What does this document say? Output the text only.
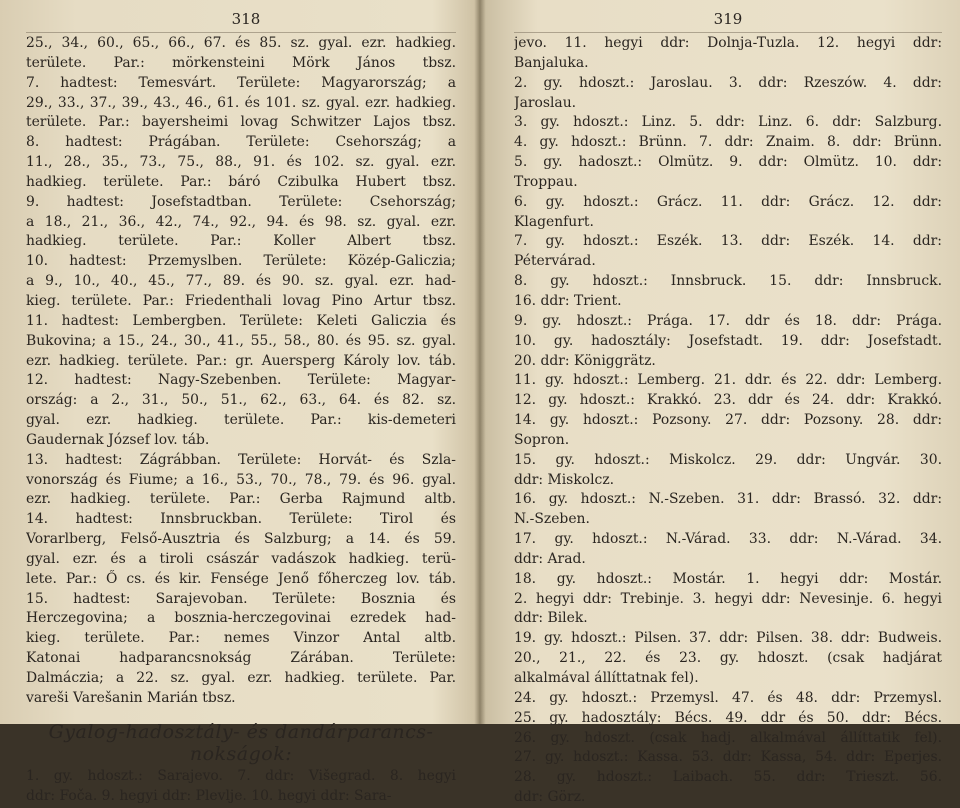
318
25., 34., 60., 65., 66., 67. és 85. sz. gyal. ezr. hadkieg.
területe. Par.: mörkensteini Mörk János tbsz.
7. hadtest: Temesvárt. Területe: Magyarország; a
29., 33., 37., 39., 43., 46., 61. és 101. sz. gyal. ezr. hadkieg.
területe. Par.: bayersheimi lovag Schwitzer Lajos tbsz.
8. hadtest: Prágában. Területe: Csehország; a
11., 28., 35., 73., 75., 88., 91. és 102. sz. gyal. ezr.
hadkieg. területe. Par.: báró Czibulka Hubert tbsz.
9. hadtest: Josefstadtban. Területe: Csehország;
a 18., 21., 36., 42., 74., 92., 94. és 98. sz. gyal. ezr.
hadkieg. területe. Par.: Koller Albert tbsz.
10. hadtest: Przemyslben. Területe: Közép-Galiczia;
a 9., 10., 40., 45., 77., 89. és 90. sz. gyal. ezr. had-
kieg. területe. Par.: Friedenthali lovag Pino Artur tbsz.
11. hadtest: Lembergben. Területe: Keleti Galiczia és
Bukovina; a 15., 24., 30., 41., 55., 58., 80. és 95. sz. gyal.
ezr. hadkieg. területe. Par.: gr. Auersperg Károly lov. táb.
12. hadtest: Nagy-Szebenben. Területe: Magyar-
ország: a 2., 31., 50., 51., 62., 63., 64. és 82. sz.
gyal. ezr. hadkieg. területe. Par.: kis-demeteri
Gaudernak József lov. táb.
13. hadtest: Zágrábban. Területe: Horvát- és Szla-
vonország és Fiume; a 16., 53., 70., 78., 79. és 96. gyal.
ezr. hadkieg. területe. Par.: Gerba Rajmund altb.
14. hadtest: Innsbruckban. Területe: Tirol és
Vorarlberg, Felső-Ausztria és Salzburg; a 14. és 59.
gyal. ezr. és a tiroli császár vadászok hadkieg. terü-
lete. Par.: Ő cs. és kir. Fensége Jenő főherczeg lov. táb.
15. hadtest: Sarajevoban. Területe: Bosznia és
Herczegovina; a bosznia-herczegovinai ezredek had-
kieg. területe. Par.: nemes Vinzor Antal altb.
Katonai hadparancsnokság Zárában. Területe:
Dalmáczia; a 22. sz. gyal. ezr. hadkieg. területe. Par.
vareši Varešanin Marián tbsz.
Gyalog-hadosztály- és dandárparancs-
nokságok:
1. gy. hdoszt.: Sarajevo. 7. ddr: Višegrad. 8. hegyi
ddr: Foča. 9. hegyi ddr: Plevlje. 10. hegyi ddr: Sara-
319
jevo. 11. hegyi ddr: Dolnja-Tuzla. 12. hegyi ddr:
Banjaluka.
2. gy. hdoszt.: Jaroslau. 3. ddr: Rzeszów. 4. ddr:
Jaroslau.
3. gy. hdoszt.: Linz. 5. ddr: Linz. 6. ddr: Salzburg.
4. gy. hdoszt.: Brünn. 7. ddr: Znaim. 8. ddr: Brünn.
5. gy. hadoszt.: Olmütz. 9. ddr: Olmütz. 10. ddr:
Troppau.
6. gy. hdoszt.: Grácz. 11. ddr: Grácz. 12. ddr:
Klagenfurt.
7. gy. hdoszt.: Eszék. 13. ddr: Eszék. 14. ddr:
Pétervárad.
8. gy. hdoszt.: Innsbruck. 15. ddr: Innsbruck.
16. ddr: Trient.
9. gy. hdoszt.: Prága. 17. ddr és 18. ddr: Prága.
10. gy. hadosztály: Josefstadt. 19. ddr: Josefstadt.
20. ddr: Königgrätz.
11. gy. hdoszt.: Lemberg. 21. ddr. és 22. ddr: Lemberg.
12. gy. hdoszt.: Krakkó. 23. ddr és 24. ddr: Krakkó.
14. gy. hdoszt.: Pozsony. 27. ddr: Pozsony. 28. ddr:
Sopron.
15. gy. hdoszt.: Miskolcz. 29. ddr: Ungvár. 30.
ddr: Miskolcz.
16. gy. hdoszt.: N.-Szeben. 31. ddr: Brassó. 32. ddr:
N.-Szeben.
17. gy. hdoszt.: N.-Várad. 33. ddr: N.-Várad. 34.
ddr: Arad.
18. gy. hdoszt.: Mostár. 1. hegyi ddr: Mostár.
2. hegyi ddr: Trebinje. 3. hegyi ddr: Nevesinje. 6. hegyi
ddr: Bilek.
19. gy. hdoszt.: Pilsen. 37. ddr: Pilsen. 38. ddr: Budweis.
20., 21., 22. és 23. gy. hdoszt. (csak hadjárat
alkalmával állíttatnak fel).
24. gy. hdoszt.: Przemysl. 47. és 48. ddr: Przemysl.
25. gy. hadosztály: Bécs. 49. ddr és 50. ddr: Bécs.
26. gy. hdoszt. (csak hadj. alkalmával állíttatik fel).
27. gy. hdoszt.: Kassa. 53. ddr: Kassa, 54. ddr: Eperjes.
28. gy. hdoszt.: Laibach. 55. ddr: Trieszt. 56.
ddr: Görz.
